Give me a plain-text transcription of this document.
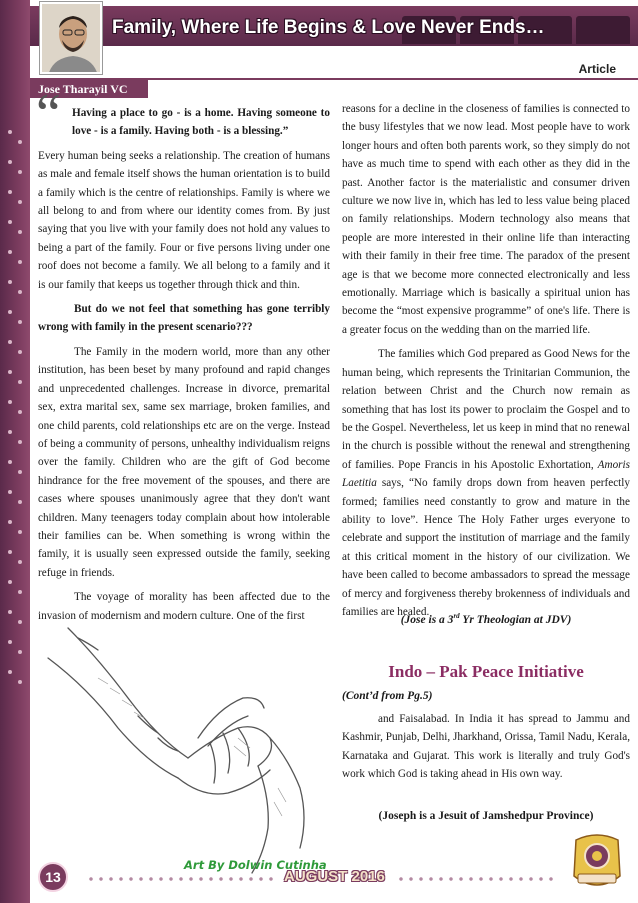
Family, Where Life Begins & Love Never Ends…
Article
Jose Tharayil VC
“ Having a place to go - is a home. Having someone to love - is a family. Having both - is a blessing.”

Every human being seeks a relationship. The creation of humans as male and female itself shows the human orientation is to build a family which is the centre of relationships. Family is where we all belong to and from where our identity comes from. By just saying that you live with your family does not hold any values to being a part of the family. Four or five persons living under one roof does not become a family. We all belong to a family and it is our family that keeps us together through thick and thin.

But do we not feel that something has gone terribly wrong with family in the present scenario???

The Family in the modern world, more than any other institution, has been beset by many profound and rapid changes and unprecedented challenges. Increase in divorce, premarital sex, extra marital sex, same sex marriage, broken families, and one child parents, cold relationships etc are on the verge. Instead of being a community of persons, unhealthy individualism reigns over the family. Children who are the gift of God become hindrance for the free movement of the spouses, and there are cases where spouses unanimously agree that they don't want children. Many teenagers today complain about how intolerable their families can be. When something is wrong within the family, it is usually seen expressed outside the family, seeking refuge in friends.

The voyage of morality has been affected due to the invasion of modernism and modern culture. One of the first

Art By Dolwin Cutinha

reasons for a decline in the closeness of families is connected to the busy lifestyles that we now lead. Most people have to work longer hours and often both parents work, so they simply do not have as much time to spend with each other as they did in the past. Another factor is the materialistic and consumer driven culture we now live in, which has led to less value being placed on family relationships. Modern technology also means that people are more interested in their online life than interacting with their family in their free time. The paradox of the present age is that we become more connected electronically and less emotionally. Marriage which is basically a spiritual union has become the “most expensive programme” of one's life. There is a greater focus on the wedding than on the married life.

The families which God prepared as Good News for the human being, which represents the Trinitarian Communion, the relation between Christ and the Church now remain as something that has lost its power to proclaim the Gospel and to be the Gospel. Nevertheless, let us keep in mind that no renewal in the church is possible without the renewal and strengthening of families. Pope Francis in his Apostolic Exhortation, Amoris Laetitia says, “No family drops down from heaven perfectly formed; families need constantly to grow and mature in the ability to love”. Hence The Holy Father urges everyone to celebrate and support the institution of marriage and the family at this critical moment in the history of our civilization. We have been called to become ambassadors to spread the message of mercy and forgiveness thereby brokenness of individuals and families are healed.

(Jose is a 3rd Yr Theologian at JDV)
Indo – Pak Peace Initiative
(Cont’d from Pg.5)

and Faisalabad. In India it has spread to Jammu and Kashmir, Punjab, Delhi, Jharkhand, Orissa, Tamil Nadu, Kerala, Karnataka and Gujarat. This work is literally and truly God's work which God is taking ahead in His own way.

(Joseph is a Jesuit of Jamshedpur Province)
13	AUGUST 2016
